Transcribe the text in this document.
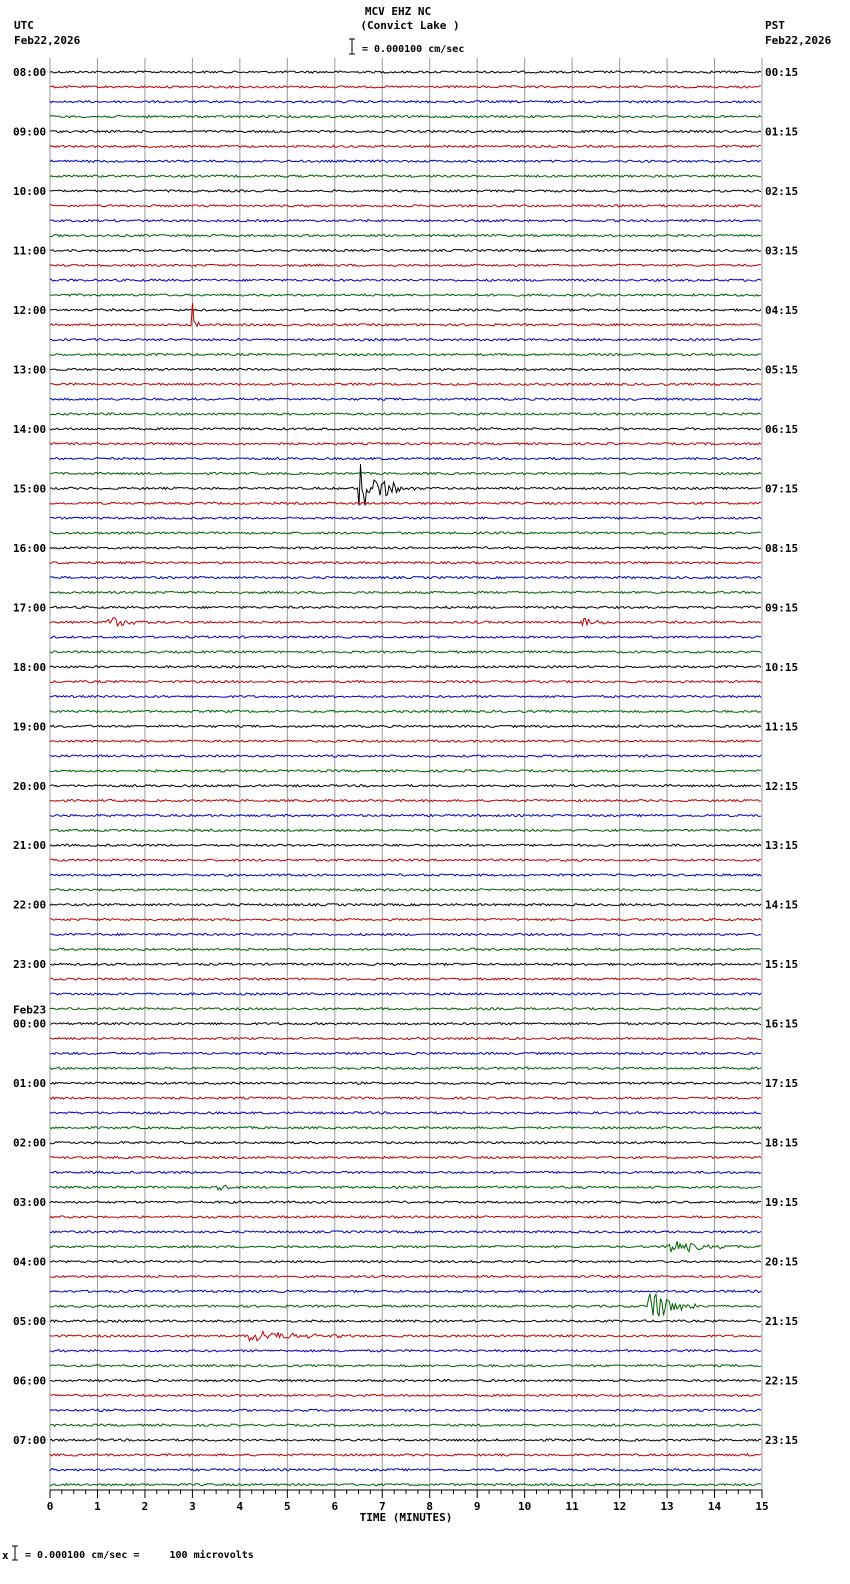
MCV EHZ NC
(Convict Lake )
UTC
Feb22,2026
PST
Feb22,2026
= 0.000100 cm/sec
= 0.000100 cm/sec =     100 microvolts
x
08:00	00:15
09:00	01:15
10:00	02:15
11:00	03:15
12:00	04:15
13:00	05:15
14:00	06:15
15:00	07:15
16:00	08:15
17:00	09:15
18:00	10:15
19:00	11:15
20:00	12:15
21:00	13:15
22:00	14:15
23:00	15:15
00:00	16:15
01:00	17:15
02:00	18:15
03:00	19:15
04:00	20:15
05:00	21:15
06:00	22:15
07:00	23:15
Feb23
0	1	2	3	4	5	6	7	8	9	10	11	12	13	14	15
TIME (MINUTES)
